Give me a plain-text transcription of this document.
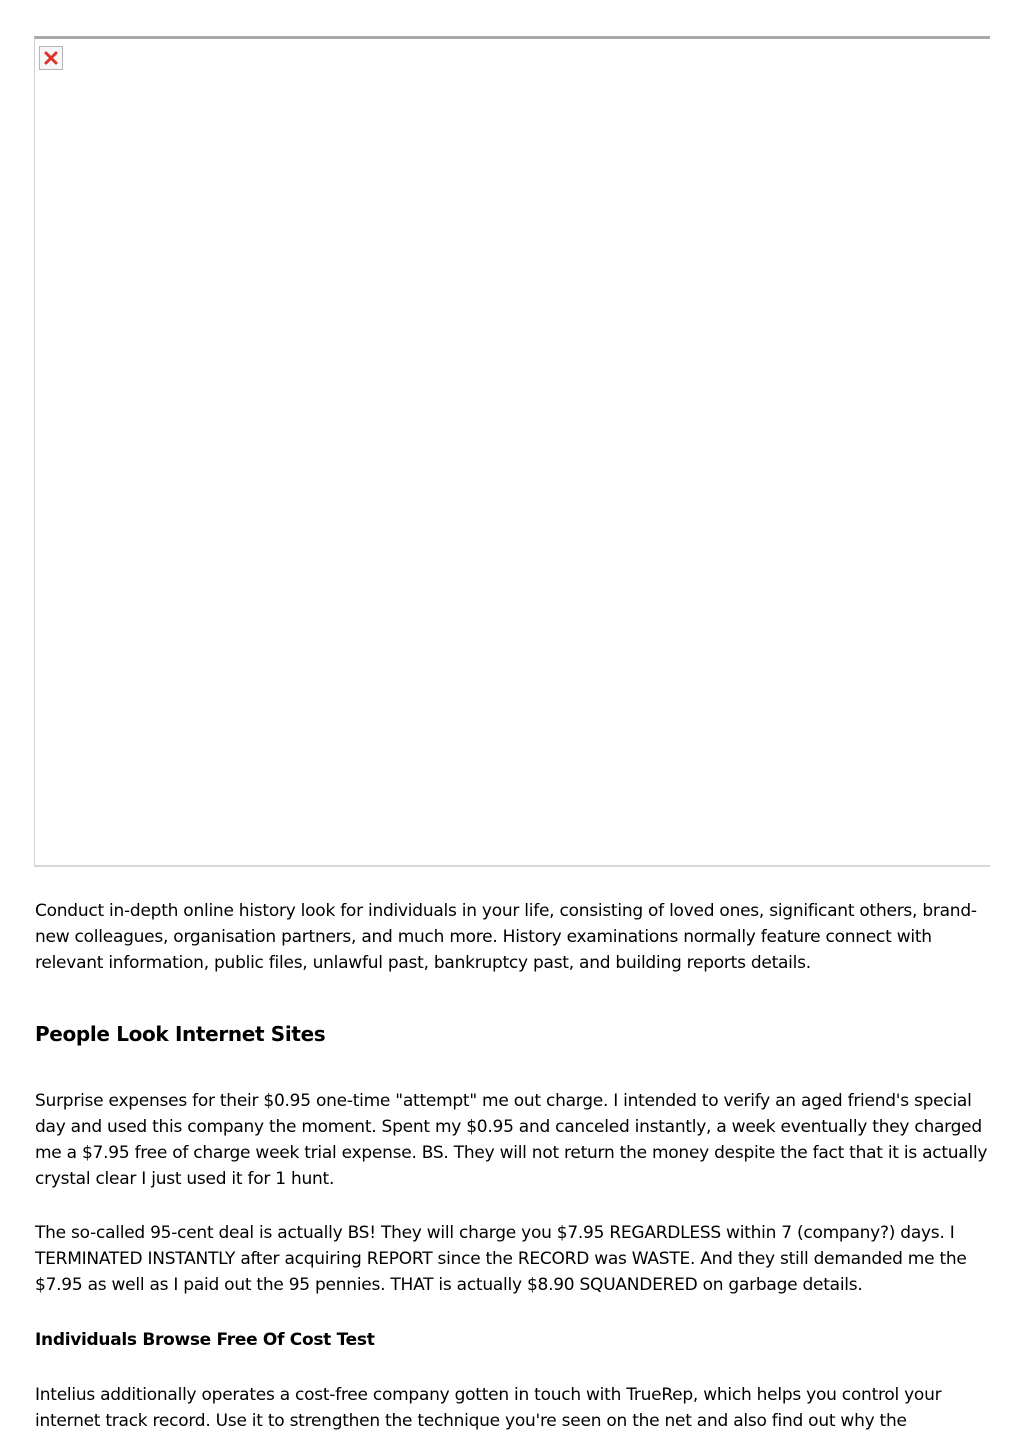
Conduct in-depth online history look for individuals in your life, consisting of loved ones, significant others, brand-new colleagues, organisation partners, and much more. History examinations normally feature connect with relevant information, public files, unlawful past, bankruptcy past, and building reports details.

People Look Internet Sites

Surprise expenses for their $0.95 one-time "attempt" me out charge. I intended to verify an aged friend's special day and used this company the moment. Spent my $0.95 and canceled instantly, a week eventually they charged me a $7.95 free of charge week trial expense. BS. They will not return the money despite the fact that it is actually crystal clear I just used it for 1 hunt.

The so-called 95-cent deal is actually BS! They will charge you $7.95 REGARDLESS within 7 (company?) days. I TERMINATED INSTANTLY after acquiring REPORT since the RECORD was WASTE. And they still demanded me the $7.95 as well as I paid out the 95 pennies. THAT is actually $8.90 SQUANDERED on garbage details.

Individuals Browse Free Of Cost Test

Intelius additionally operates a cost-free company gotten in touch with TrueRep, which helps you control your internet track record. Use it to strengthen the technique you're seen on the net and also find out why the
